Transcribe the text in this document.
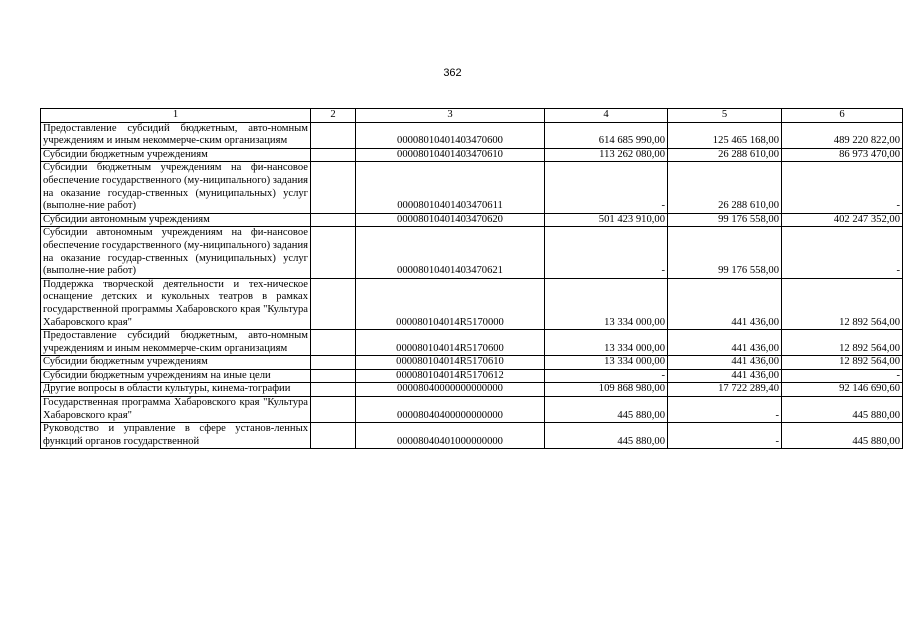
362
1	2	3	4	5	6
Предоставление субсидий бюджетным, авто-номным учреждениям и иным некоммерче-ским организациям		00008010401403470600	614 685 990,00	125 465 168,00	489 220 822,00
Субсидии бюджетным учреждениям		00008010401403470610	113 262 080,00	26 288 610,00	86 973 470,00
Субсидии бюджетным учреждениям на фи-нансовое обеспечение государственного (му-ниципального) задания на оказание государ-ственных (муниципальных) услуг (выполне-ние работ)		00008010401403470611	-	26 288 610,00	-
Субсидии автономным учреждениям		00008010401403470620	501 423 910,00	99 176 558,00	402 247 352,00
Субсидии автономным учреждениям на фи-нансовое обеспечение государственного (му-ниципального) задания на оказание государ-ственных (муниципальных) услуг (выполне-ние работ)		00008010401403470621	-	99 176 558,00	-
Поддержка творческой деятельности и тех-ническое оснащение детских и кукольных театров в рамках государственной программы Хабаровского края "Культура Хабаровского края"		000080104014R5170000	13 334 000,00	441 436,00	12 892 564,00
Предоставление субсидий бюджетным, авто-номным учреждениям и иным некоммерче-ским организациям		000080104014R5170600	13 334 000,00	441 436,00	12 892 564,00
Субсидии бюджетным учреждениям		000080104014R5170610	13 334 000,00	441 436,00	12 892 564,00
Субсидии бюджетным учреждениям на иные цели		000080104014R5170612	-	441 436,00	-
Другие вопросы в области культуры, кинема-тографии		00008040000000000000	109 868 980,00	17 722 289,40	92 146 690,60
Государственная программа Хабаровского края "Культура Хабаровского края"		00008040400000000000	445 880,00	-	445 880,00
Руководство и управление в сфере установ-ленных функций органов государственной		00008040401000000000	445 880,00	-	445 880,00
